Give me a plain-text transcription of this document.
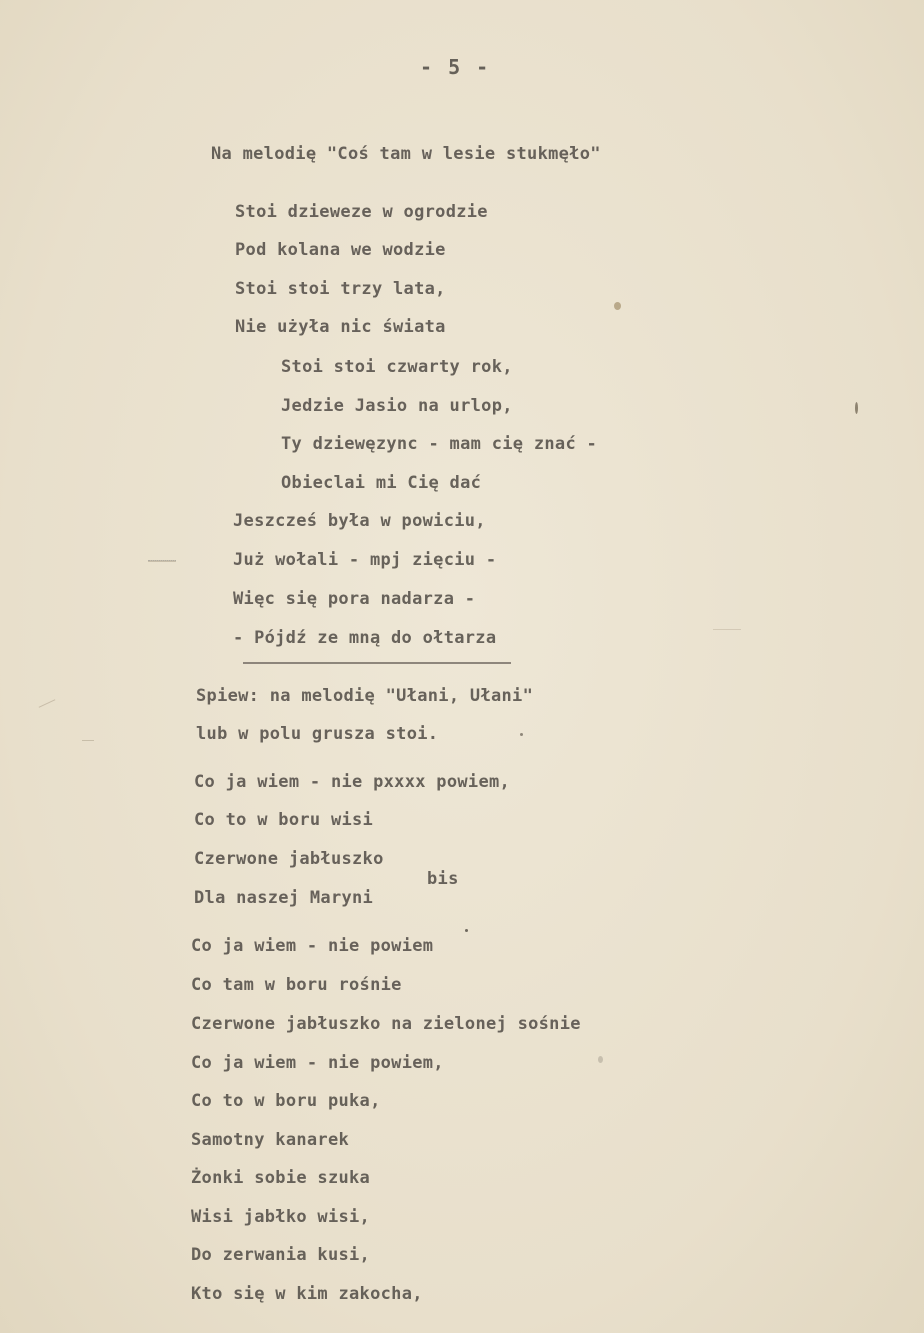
- 5 -
Na melodię "Coś tam w lesie stukmęło"
Stoi dzieweze w ogrodzie
Pod kolana we wodzie
Stoi stoi trzy lata,
Nie użyła nic świata
Stoi stoi czwarty rok,
Jedzie Jasio na urlop,
Ty dziewęzync - mam cię znać -
Obieclai mi Cię dać
Jeszcześ była w powiciu,
Już wołali - mpj zięciu -
Więc się pora nadarza -
- Pójdź ze mną do ołtarza
Spiew: na melodię "Ułani, Ułani"
lub w polu grusza stoi.
Co ja wiem - nie pxxxx powiem,
Co to w boru wisi
Czerwone jabłuszko
Dla naszej Maryni
bis
Co ja wiem - nie powiem
Co tam w boru rośnie
Czerwone jabłuszko na zielonej sośnie
Co ja wiem - nie powiem,
Co to w boru puka,
Samotny kanarek
Żonki sobie szuka
Wisi jabłko wisi,
Do zerwania kusi,
Kto się w kim zakocha,
